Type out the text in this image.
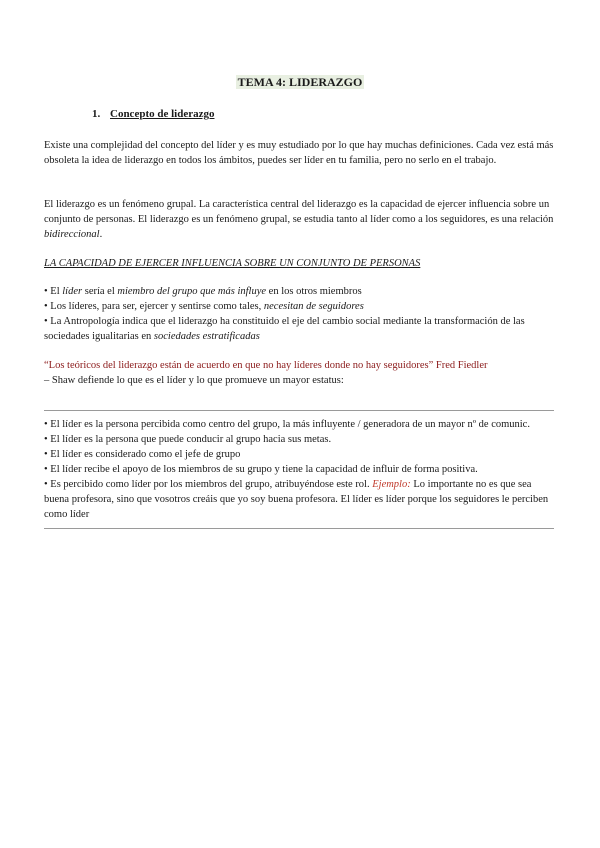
TEMA 4: LIDERAZGO
1. Concepto de liderazgo

Existe una complejidad del concepto del líder y es muy estudiado por lo que hay muchas definiciones. Cada vez está más obsoleta la idea de liderazgo en todos los ámbitos, puedes ser líder en tu familia, pero no serlo en el trabajo.

El liderazgo es un fenómeno grupal. La característica central del liderazgo es la capacidad de ejercer influencia sobre un conjunto de personas. El liderazgo es un fenómeno grupal, se estudia tanto al líder como a los seguidores, es una relación bidireccional.

LA CAPACIDAD DE EJERCER INFLUENCIA SOBRE UN CONJUNTO DE PERSONAS

• El líder sería el miembro del grupo que más influye en los otros miembros

• Los líderes, para ser, ejercer y sentirse como tales, necesitan de seguidores

• La Antropología indica que el liderazgo ha constituido el eje del cambio social mediante la transformación de las sociedades igualitarias en sociedades estratificadas

“Los teóricos del liderazgo están de acuerdo en que no hay líderes donde no hay seguidores” Fred Fiedler

– Shaw defiende lo que es el líder y lo que promueve un mayor estatus:

• El líder es la persona percibida como centro del grupo, la más influyente / generadora de un mayor nº de comunic.

• El líder es la persona que puede conducir al grupo hacia sus metas.

• El líder es considerado como el jefe de grupo

• El líder recibe el apoyo de los miembros de su grupo y tiene la capacidad de influir de forma positiva.

• Es percibido como líder por los miembros del grupo, atribuyéndose este rol. Ejemplo: Lo importante no es que sea buena profesora, sino que vosotros creáis que yo soy buena profesora. El líder es líder porque los seguidores le perciben como líder
